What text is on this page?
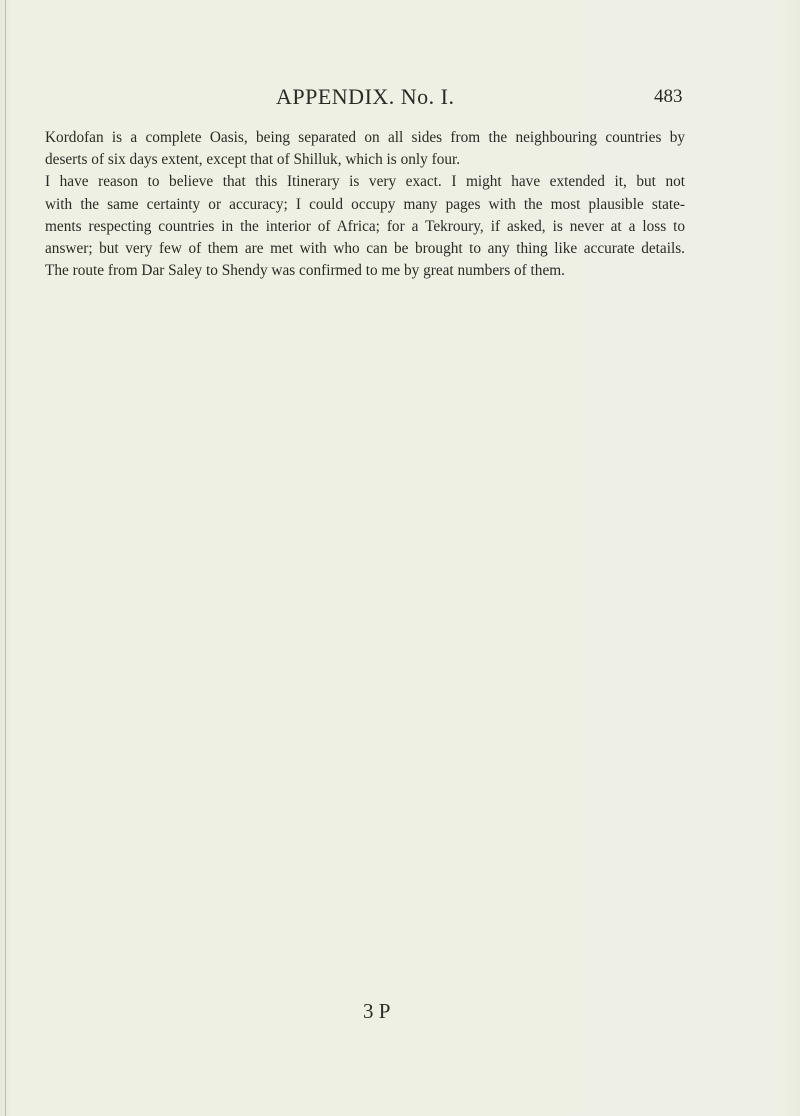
APPENDIX. No. I.	483
Kordofan is a complete Oasis, being separated on all sides from the neighbouring countries by
deserts of six days extent, except that of Shilluk, which is only four.
I have reason to believe that this Itinerary is very exact. I might have extended it, but not
with the same certainty or accuracy; I could occupy many pages with the most plausible state-
ments respecting countries in the interior of Africa; for a Tekroury, if asked, is never at a loss to
answer; but very few of them are met with who can be brought to any thing like accurate details.
The route from Dar Saley to Shendy was confirmed to me by great numbers of them.
3 P
